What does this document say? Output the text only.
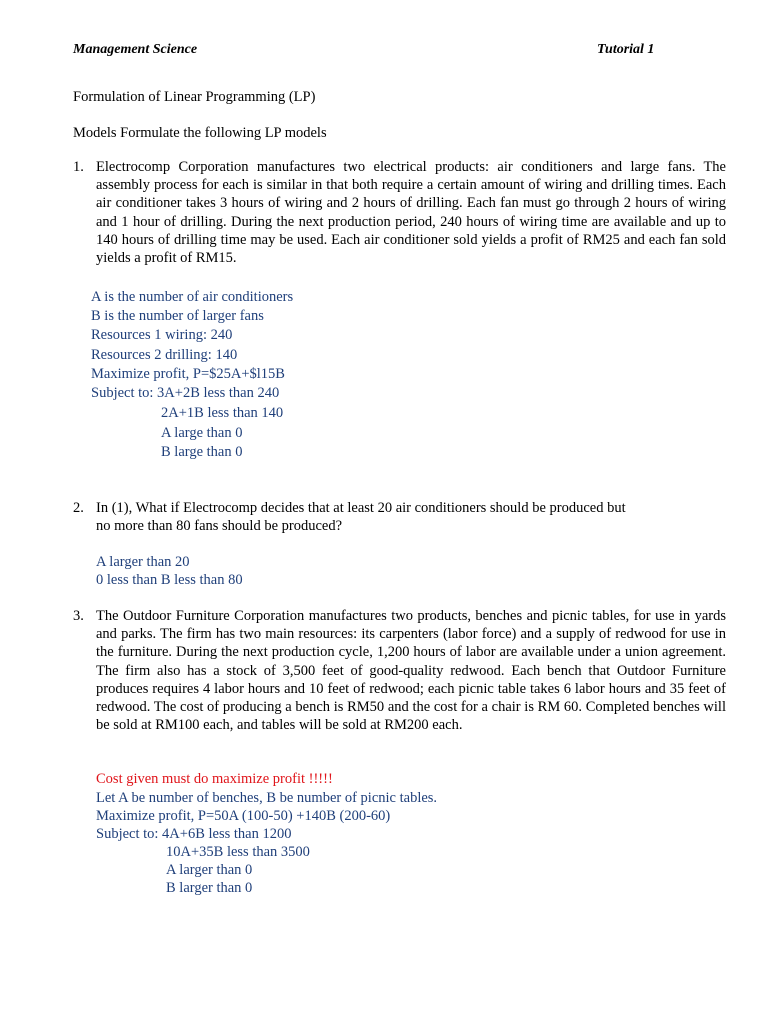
Management Science	Tutorial 1
Formulation of Linear Programming (LP)
Models Formulate the following LP models
1. Electrocomp Corporation manufactures two electrical products: air conditioners and large fans. The assembly process for each is similar in that both require a certain amount of wiring and drilling times. Each air conditioner takes 3 hours of wiring and 2 hours of drilling. Each fan must go through 2 hours of wiring and 1 hour of drilling. During the next production period, 240 hours of wiring time are available and up to 140 hours of drilling time may be used. Each air conditioner sold yields a profit of RM25 and each fan sold yields a profit of RM15.
A is the number of air conditioners
B is the number of larger fans
Resources 1 wiring: 240
Resources 2 drilling: 140
Maximize profit, P=$25A+$l15B
Subject to: 3A+2B less than 240
2A+1B less than 140
A large than 0
B large than 0
2. In (1), What if Electrocomp decides that at least 20 air conditioners should be produced but
no more than 80 fans should be produced?
A larger than 20
0 less than B less than 80
3. The Outdoor Furniture Corporation manufactures two products, benches and picnic tables, for use in yards and parks. The firm has two main resources: its carpenters (labor force) and a supply of redwood for use in the furniture. During the next production cycle, 1,200 hours of labor are available under a union agreement. The firm also has a stock of 3,500 feet of good-quality redwood. Each bench that Outdoor Furniture produces requires 4 labor hours and 10 feet of redwood; each picnic table takes 6 labor hours and 35 feet of redwood. The cost of producing a bench is RM50 and the cost for a chair is RM 60. Completed benches will be sold at RM100 each, and tables will be sold at RM200 each.
Cost given must do maximize profit !!!!!
Let A be number of benches, B be number of picnic tables.
Maximize profit, P=50A (100-50) +140B (200-60)
Subject to: 4A+6B less than 1200
10A+35B less than 3500
A larger than 0
B larger than 0
